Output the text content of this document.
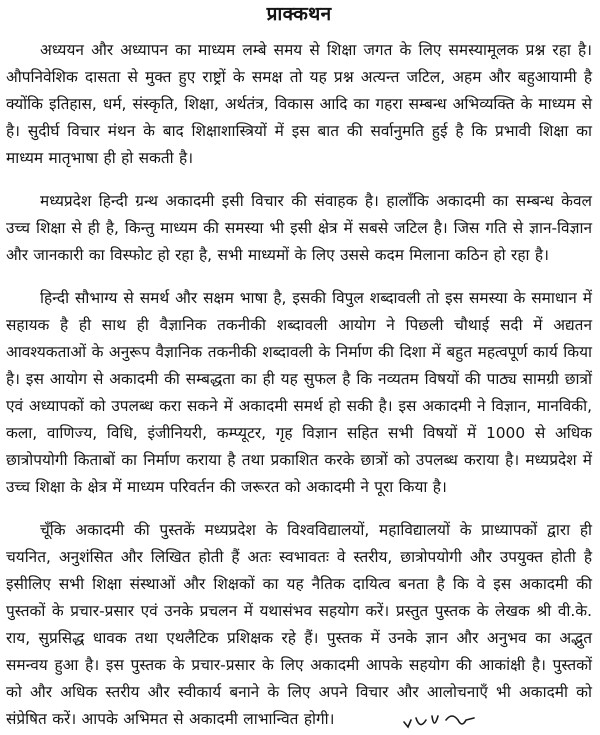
प्राक्कथन

अध्ययन और अध्यापन का माध्यम लम्बे समय से शिक्षा जगत के लिए समस्यामूलक प्रश्न रहा है। औपनिवेशिक दासता से मुक्त हुए राष्ट्रों के समक्ष तो यह प्रश्न अत्यन्त जटिल, अहम और बहुआयामी है क्योंकि इतिहास, धर्म, संस्कृति, शिक्षा, अर्थतंत्र, विकास आदि का गहरा सम्बन्ध अभिव्यक्ति के माध्यम से है। सुदीर्घ विचार मंथन के बाद शिक्षाशास्त्रियों में इस बात की सर्वानुमति हुई है कि प्रभावी शिक्षा का माध्यम मातृभाषा ही हो सकती है।

मध्यप्रदेश हिन्दी ग्रन्थ अकादमी इसी विचार की संवाहक है। हालाँकि अकादमी का सम्बन्ध केवल उच्च शिक्षा से ही है, किन्तु माध्यम की समस्या भी इसी क्षेत्र में सबसे जटिल है। जिस गति से ज्ञान-विज्ञान और जानकारी का विस्फोट हो रहा है, सभी माध्यमों के लिए उससे कदम मिलाना कठिन हो रहा है।

हिन्दी सौभाग्य से समर्थ और सक्षम भाषा है, इसकी विपुल शब्दावली तो इस समस्या के समाधान में सहायक है ही साथ ही वैज्ञानिक तकनीकी शब्दावली आयोग ने पिछली चौथाई सदी में अद्यतन आवश्यकताओं के अनुरूप वैज्ञानिक तकनीकी शब्दावली के निर्माण की दिशा में बहुत महत्वपूर्ण कार्य किया है। इस आयोग से अकादमी की सम्बद्धता का ही यह सुफल है कि नव्यतम विषयों की पाठ्य सामग्री छात्रों एवं अध्यापकों को उपलब्ध करा सकने में अकादमी समर्थ हो सकी है। इस अकादमी ने विज्ञान, मानविकी, कला, वाणिज्य, विधि, इंजीनियरी, कम्प्यूटर, गृह विज्ञान सहित सभी विषयों में 1000 से अधिक छात्रोपयोगी किताबों का निर्माण कराया है तथा प्रकाशित करके छात्रों को उपलब्ध कराया है। मध्यप्रदेश में उच्च शिक्षा के क्षेत्र में माध्यम परिवर्तन की जरूरत को अकादमी ने पूरा किया है।

चूँकि अकादमी की पुस्तकें मध्यप्रदेश के विश्वविद्यालयों, महाविद्यालयों के प्राध्यापकों द्वारा ही चयनित, अनुशंसित और लिखित होती हैं अतः स्वभावतः वे स्तरीय, छात्रोपयोगी और उपयुक्त होती है इसीलिए सभी शिक्षा संस्थाओं और शिक्षकों का यह नैतिक दायित्व बनता है कि वे इस अकादमी की पुस्तकों के प्रचार-प्रसार एवं उनके प्रचलन में यथासंभव सहयोग करें। प्रस्तुत पुस्तक के लेखक श्री वी.के. राय, सुप्रसिद्ध धावक तथा एथलैटिक प्रशिक्षक रहे हैं। पुस्तक में उनके ज्ञान और अनुभव का अद्भुत समन्वय हुआ है। इस पुस्तक के प्रचार-प्रसार के लिए अकादमी आपके सहयोग की आकांक्षी है। पुस्तकों को और अधिक स्तरीय और स्वीकार्य बनाने के लिए अपने विचार और आलोचनाएँ भी अकादमी को संप्रेषित करें। आपके अभिमत से अकादमी लाभान्वित होगी।
